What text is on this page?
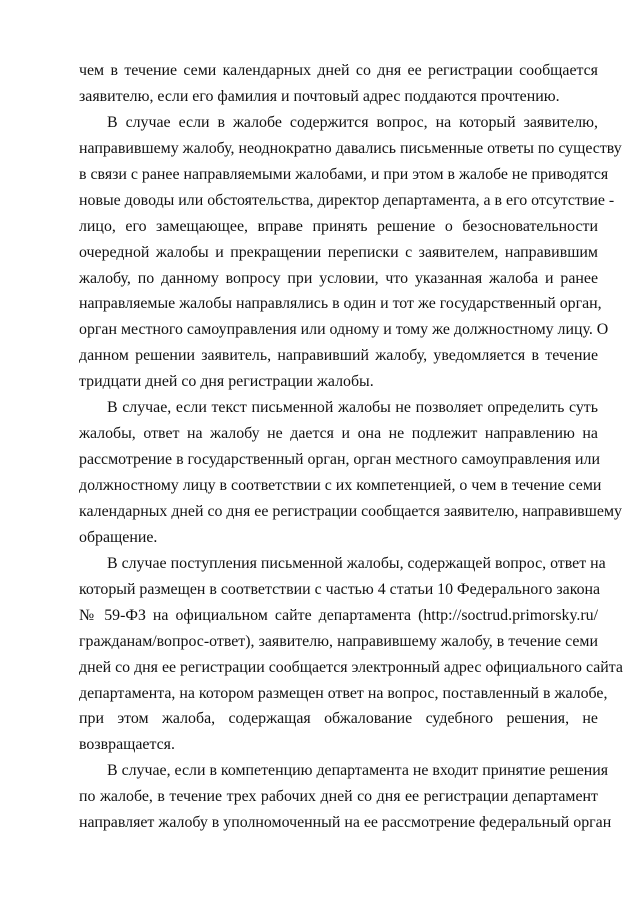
чем в течение семи календарных дней со дня ее регистрации сообщается
заявителю, если его фамилия и почтовый адрес поддаются прочтению.
В случае если в жалобе содержится вопрос, на который заявителю,
направившему жалобу, неоднократно давались письменные ответы по существу
в связи с ранее направляемыми жалобами, и при этом в жалобе не приводятся
новые доводы или обстоятельства, директор департамента, а в его отсутствие -
лицо, его замещающее, вправе принять решение о безосновательности
очередной жалобы и прекращении переписки с заявителем, направившим
жалобу, по данному вопросу при условии, что указанная жалоба и ранее
направляемые жалобы направлялись в один и тот же государственный орган,
орган местного самоуправления или одному и тому же должностному лицу. О
данном решении заявитель, направивший жалобу, уведомляется в течение
тридцати дней со дня регистрации жалобы.
В случае, если текст письменной жалобы не позволяет определить суть
жалобы, ответ на жалобу не дается и она не подлежит направлению на
рассмотрение в государственный орган, орган местного самоуправления или
должностному лицу в соответствии с их компетенцией, о чем в течение семи
календарных дней со дня ее регистрации сообщается заявителю, направившему
обращение.
В случае поступления письменной жалобы, содержащей вопрос, ответ на
который размещен в соответствии с частью 4 статьи 10 Федерального закона
№ 59-ФЗ на официальном сайте департамента (http://soctrud.primorsky.ru/
гражданам/вопрос-ответ), заявителю, направившему жалобу, в течение семи
дней со дня ее регистрации сообщается электронный адрес официального сайта
департамента, на котором размещен ответ на вопрос, поставленный в жалобе,
при этом жалоба, содержащая обжалование судебного решения, не
возвращается.
В случае, если в компетенцию департамента не входит принятие решения
по жалобе, в течение трех рабочих дней со дня ее регистрации департамент
направляет жалобу в уполномоченный на ее рассмотрение федеральный орган
